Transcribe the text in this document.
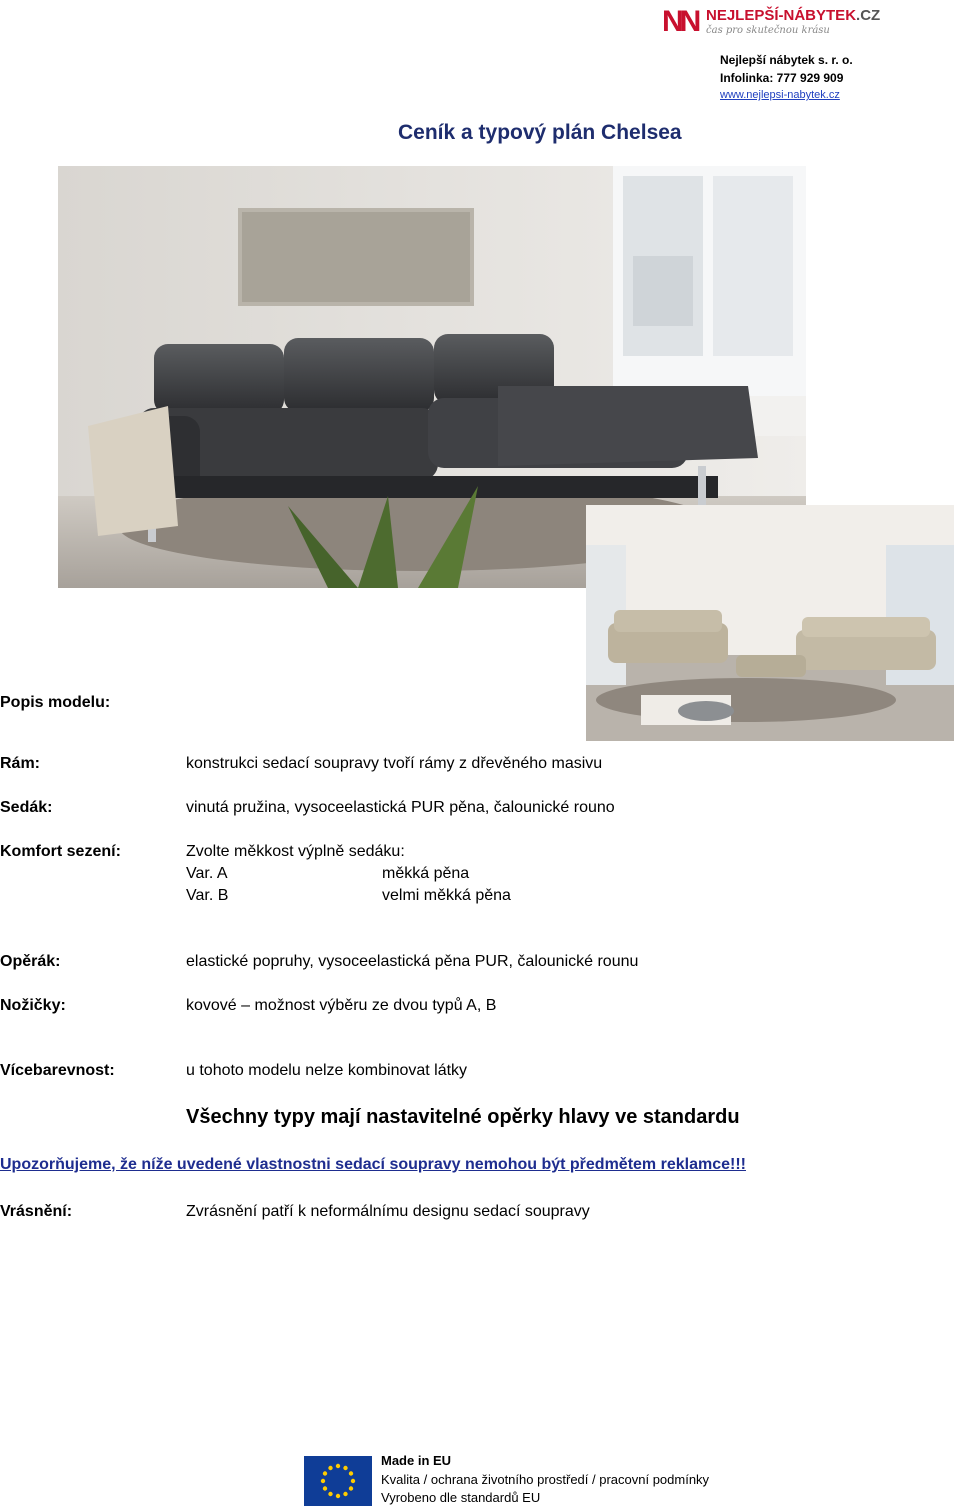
NN NEJLEPŠÍ-NÁBYTEK.CZ
čas pro skutečnou krásu
Nejlepší nábytek s. r. o.
Infolinka: 777 929 909
www.nejlepsi-nabytek.cz
Ceník a typový plán Chelsea
Popis modelu:
Rám:	konstrukci sedací soupravy tvoří rámy z dřevěného masivu
Sedák:	vinutá pružina, vysoceelastická PUR pěna, čalounické rouno
Komfort sezení:	Zvolte měkkost výplně sedáku:
Var. A	měkká pěna
Var. B	velmi měkká pěna
Opěrák:	elastické popruhy, vysoceelastická pěna PUR, čalounické rounu
Nožičky:	kovové – možnost výběru ze dvou typů A, B
Vícebarevnost:	u tohoto modelu nelze kombinovat látky
Všechny typy mají nastavitelné opěrky hlavy ve standardu
Upozorňujeme, že níže uvedené vlastnostni sedací soupravy nemohou být předmětem reklamce!!!
Vrásnění:	Zvrásnění patří k neformálnímu designu sedací soupravy
Made in EU
Kvalita / ochrana životního prostředí / pracovní podmínky
Vyrobeno dle standardů EU
